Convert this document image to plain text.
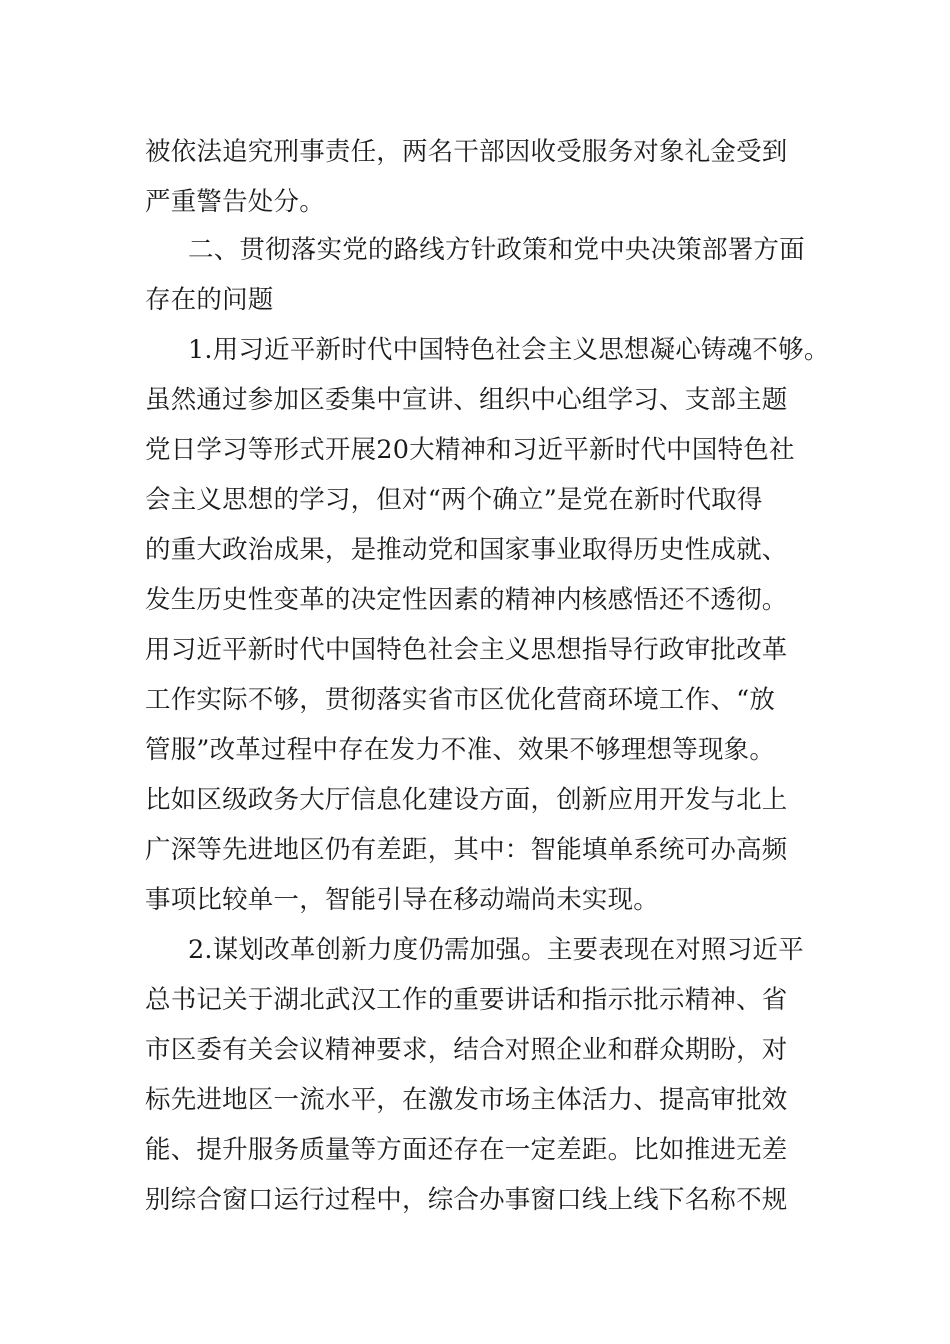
被依法追究刑事责任，两名干部因收受服务对象礼金受到
严重警告处分。
二、贯彻落实党的路线方针政策和党中央决策部署方面
存在的问题
1.用习近平新时代中国特色社会主义思想凝心铸魂不够。
虽然通过参加区委集中宣讲、组织中心组学习、支部主题
党日学习等形式开展20大精神和习近平新时代中国特色社
会主义思想的学习，但对“两个确立”是党在新时代取得
的重大政治成果，是推动党和国家事业取得历史性成就、
发生历史性变革的决定性因素的精神内核感悟还不透彻。
用习近平新时代中国特色社会主义思想指导行政审批改革
工作实际不够，贯彻落实省市区优化营商环境工作、“放
管服”改革过程中存在发力不准、效果不够理想等现象。
比如区级政务大厅信息化建设方面，创新应用开发与北上
广深等先进地区仍有差距，其中：智能填单系统可办高频
事项比较单一，智能引导在移动端尚未实现。
2.谋划改革创新力度仍需加强。主要表现在对照习近平
总书记关于湖北武汉工作的重要讲话和指示批示精神、省
市区委有关会议精神要求，结合对照企业和群众期盼，对
标先进地区一流水平，在激发市场主体活力、提高审批效
能、提升服务质量等方面还存在一定差距。比如推进无差
别综合窗口运行过程中，综合办事窗口线上线下名称不规
